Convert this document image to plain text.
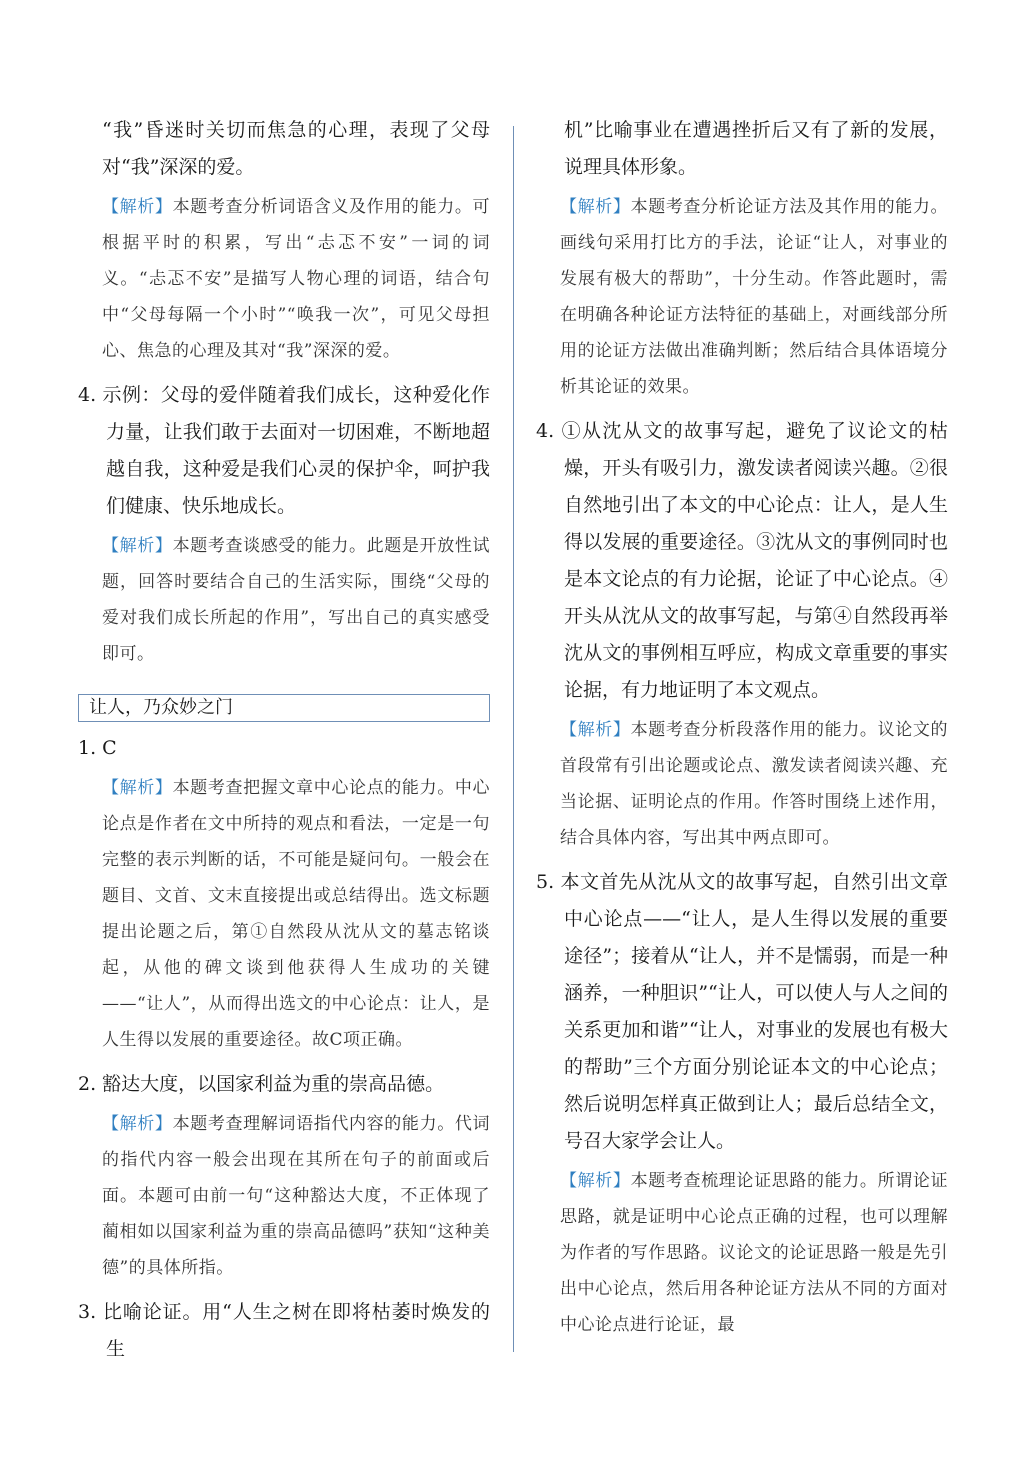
“我”昏迷时关切而焦急的心理，表现了父母对“我”深深的爱。

【解析】本题考查分析词语含义及作用的能力。可根据平时的积累，写出“忐忑不安”一词的词义。“忐忑不安”是描写人物心理的词语，结合句中“父母每隔一个小时”“唤我一次”，可见父母担心、焦急的心理及其对“我”深深的爱。

4. 示例：父母的爱伴随着我们成长，这种爱化作力量，让我们敢于去面对一切困难，不断地超越自我，这种爱是我们心灵的保护伞，呵护我们健康、快乐地成长。

【解析】本题考查谈感受的能力。此题是开放性试题，回答时要结合自己的生活实际，围绕“父母的爱对我们成长所起的作用”，写出自己的真实感受即可。

让人，乃众妙之门

1. C

【解析】本题考查把握文章中心论点的能力。中心论点是作者在文中所持的观点和看法，一定是一句完整的表示判断的话，不可能是疑问句。一般会在题目、文首、文末直接提出或总结得出。选文标题提出论题之后，第①自然段从沈从文的墓志铭谈起，从他的碑文谈到他获得人生成功的关键——“让人”，从而得出选文的中心论点：让人，是人生得以发展的重要途径。故C项正确。

2. 豁达大度，以国家利益为重的崇高品德。

【解析】本题考查理解词语指代内容的能力。代词的指代内容一般会出现在其所在句子的前面或后面。本题可由前一句“这种豁达大度，不正体现了蔺相如以国家利益为重的崇高品德吗”获知“这种美德”的具体所指。

3. 比喻论证。用“人生之树在即将枯萎时焕发的生

机”比喻事业在遭遇挫折后又有了新的发展，说理具体形象。

【解析】本题考查分析论证方法及其作用的能力。画线句采用打比方的手法，论证“让人，对事业的发展有极大的帮助”，十分生动。作答此题时，需在明确各种论证方法特征的基础上，对画线部分所用的论证方法做出准确判断；然后结合具体语境分析其论证的效果。

4. ①从沈从文的故事写起，避免了议论文的枯燥，开头有吸引力，激发读者阅读兴趣。②很自然地引出了本文的中心论点：让人，是人生得以发展的重要途径。③沈从文的事例同时也是本文论点的有力论据，论证了中心论点。④开头从沈从文的故事写起，与第④自然段再举沈从文的事例相互呼应，构成文章重要的事实论据，有力地证明了本文观点。

【解析】本题考查分析段落作用的能力。议论文的首段常有引出论题或论点、激发读者阅读兴趣、充当论据、证明论点的作用。作答时围绕上述作用，结合具体内容，写出其中两点即可。

5. 本文首先从沈从文的故事写起，自然引出文章中心论点——“让人，是人生得以发展的重要途径”；接着从“让人，并不是懦弱，而是一种涵养，一种胆识”“让人，可以使人与人之间的关系更加和谐”“让人，对事业的发展也有极大的帮助”三个方面分别论证本文的中心论点；然后说明怎样真正做到让人；最后总结全文，号召大家学会让人。

【解析】本题考查梳理论证思路的能力。所谓论证思路，就是证明中心论点正确的过程，也可以理解为作者的写作思路。议论文的论证思路一般是先引出中心论点，然后用各种论证方法从不同的方面对中心论点进行论证，最
